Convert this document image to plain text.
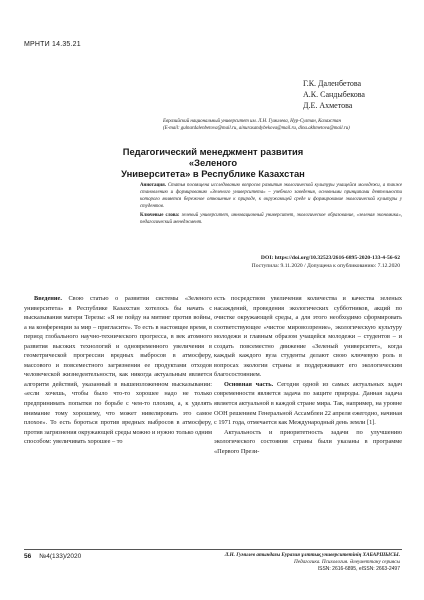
МРНТИ 14.35.21
Г.К. Даленбетова
А.К. Сандыбекова
Д.Е. Ахметова
Евразийский национальный университет им. Л.Н. Гумилева, Нур-Султан, Казахстан
(E-mail: gulnardalenbetova@mail.ru, ainurasandybekova@mail.ru, dina.akhmetova@mail.ru)
Педагогический менеджмент развития «Зеленого
Университета» в Республике Казахстан

Аннотация. Статья посвящена исследованию вопросов развития экологической культуры учащейся молодежи, а также становлению и формированию «Зеленого университета» – учебного заведения, основными принципами деятельности которого является бережное отношение к природе, к окружающей среде и формирование экологической культуры у студентов.

Ключевые слова: зеленый университет, инновационный университет, экологическое образование, «зеленая экономика», педагогический менеджмент.

DOI: https://doi.org/10.32523/2616-6895-2020-133-4-56-62
Поступила: 9.11.2020 / Допущена к опубликованию: 7.12.2020

Введение. Свою статью о развитии системы «Зеленого университета» в Республике Казахстан хотелось бы начать с высказывания матери Терезы: «Я не пойду на митинг против войны, а на конференции за мир – пригласите». То есть в настоящее время, в период глобального научно-технического прогресса, в век атомного развития высоких технологий и одновременного увеличения в геометрической прогрессии вредных выбросов в атмосферу, массового и повсеместного загрязнения ее продуктами отходов человеческой жизнедеятельности, как никогда актуальным является алгоритм действий, указанный в вышеизложенном высказывании: «если хочешь, чтобы было что-то хорошее надо не только предпринимать попытки по борьбе с чем-то плохим, а, к уделять внимание тому хорошему, что может нивелировать это самое плохое». То есть бороться против вредных выбросов в атмосферу, против загрязнения окружающей среды можно и нужно только одним способом: увеличивать хорошее – то

есть посредством увеличения количества и качества зеленых насаждений, проведения экологических субботников, акций по очистке окружающей среды, а для этого необходимо сформировать соответствующее «чистое мировоззрение», экологическую культуру молодежи и главным образом учащейся молодежи – студентов – и создать повсеместно движение «Зеленый университет», когда каждый каждого вуза студенты делают свою ключевую роль в вопросах экологии страны и поддерживают его экологическим благосостоянием.

Основная часть. Сегодня одной из самых актуальных задач современности является задача по защите природы. Данная задача является актуальной в каждой стране мира. Так, например, на уровне ООН решением Генеральной Ассамблеи 22 апреля ежегодно, начиная с 1971 года, отмечается как Международный день земли [1].

Актуальность и приоритетность задачи по улучшению экологического состояния страны были указаны в программе «Первого Прези-

56 №4(133)/2020	Л.Н. Гумилев атындағы Еуразия ұлттық университетінің ХАБАРШЫСЫ.
Педагогика. Психология. Әлеуметтану сериясы
ISSN: 2616-6895, eISSN: 2663-2497
